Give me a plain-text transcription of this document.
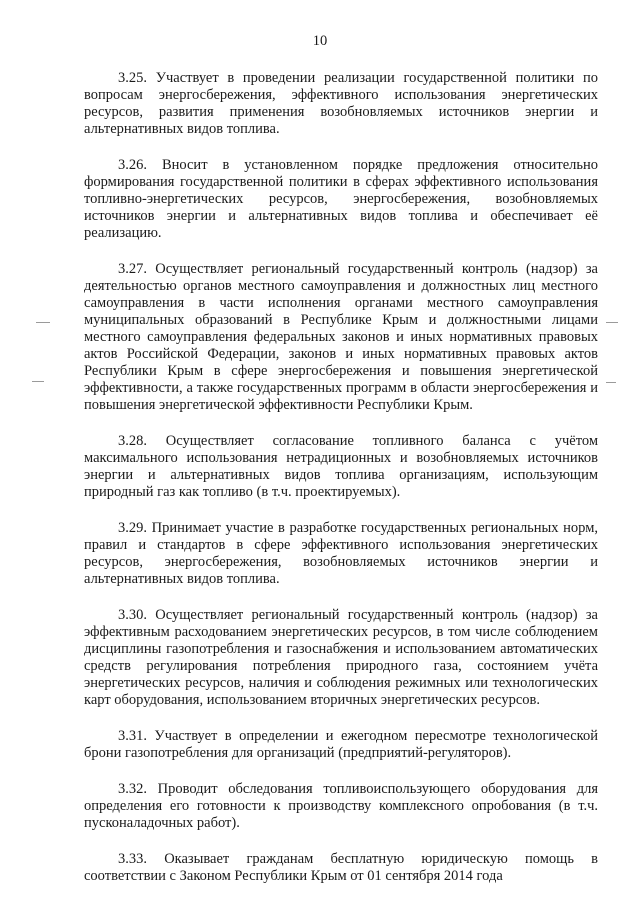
10

3.25. Участвует в проведении реализации государственной политики по вопросам энергосбережения, эффективного использования энергетических ресурсов, развития применения возобновляемых источников энергии и альтернативных видов топлива.

3.26. Вносит в установленном порядке предложения относительно формирования государственной политики в сферах эффективного использования топливно-энергетических ресурсов, энергосбережения, возобновляемых источников энергии и альтернативных видов топлива и обеспечивает её реализацию.

3.27. Осуществляет региональный государственный контроль (надзор) за деятельностью органов местного самоуправления и должностных лиц местного самоуправления в части исполнения органами местного самоуправления муниципальных образований в Республике Крым и должностными лицами местного самоуправления федеральных законов и иных нормативных правовых актов Российской Федерации, законов и иных нормативных правовых актов Республики Крым в сфере энергосбережения и повышения энергетической эффективности, а также государственных программ в области энергосбережения и повышения энергетической эффективности Республики Крым.

3.28. Осуществляет согласование топливного баланса с учётом максимального использования нетрадиционных и возобновляемых источников энергии и альтернативных видов топлива организациям, использующим природный газ как топливо (в т.ч. проектируемых).

3.29. Принимает участие в разработке государственных региональных норм, правил и стандартов в сфере эффективного использования энергетических ресурсов, энергосбережения, возобновляемых источников энергии и альтернативных видов топлива.

3.30. Осуществляет региональный государственный контроль (надзор) за эффективным расходованием энергетических ресурсов, в том числе соблюдением дисциплины газопотребления и газоснабжения и использованием автоматических средств регулирования потребления природного газа, состоянием учёта энергетических ресурсов, наличия и соблюдения режимных или технологических карт оборудования, использованием вторичных энергетических ресурсов.

3.31. Участвует в определении и ежегодном пересмотре технологической брони газопотребления для организаций (предприятий-регуляторов).

3.32. Проводит обследования топливоиспользующего оборудования для определения его готовности к производству комплексного опробования (в т.ч. пусконаладочных работ).

3.33. Оказывает гражданам бесплатную юридическую помощь в соответствии с Законом Республики Крым от 01 сентября 2014 года
